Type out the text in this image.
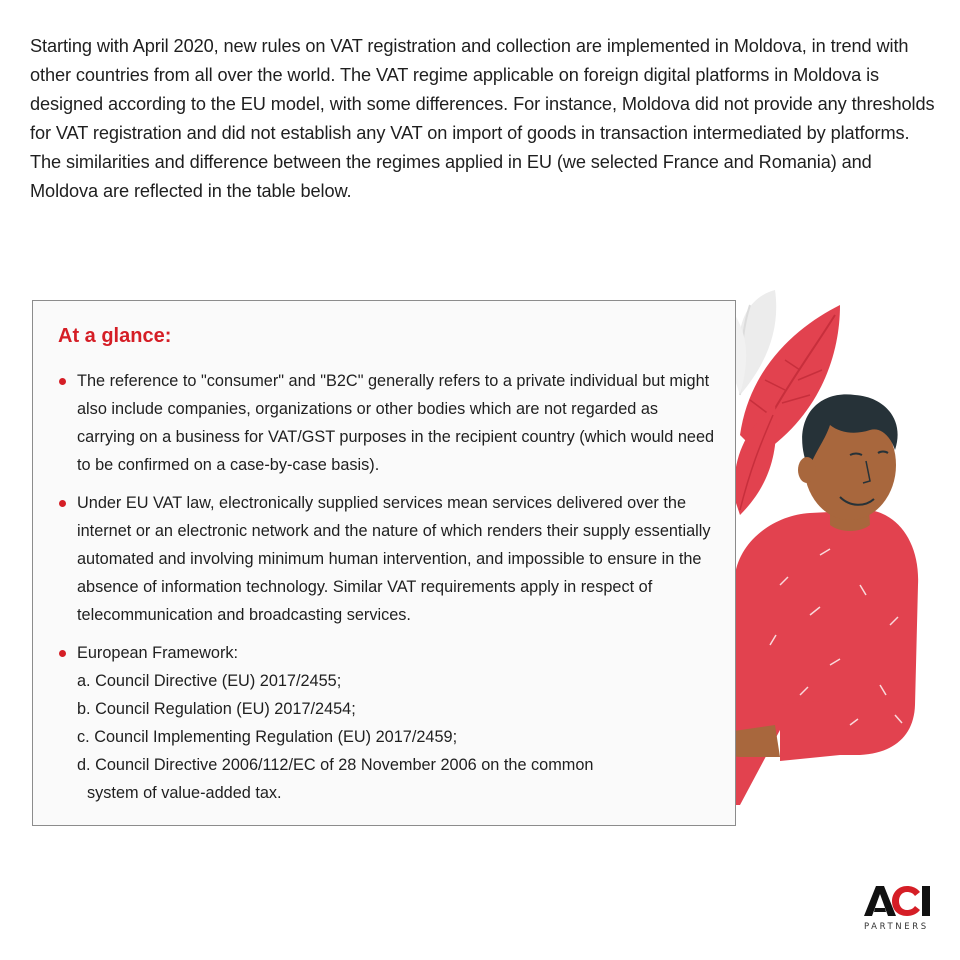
Starting with April 2020, new rules on VAT registration and collection are implemented in Moldova, in trend with other countries from all over the world. The VAT regime applicable on foreign digital platforms in Moldova is designed according to the EU model, with some differences. For instance, Moldova did not provide any thresholds for VAT registration and did not establish any VAT on import of goods in transaction intermediated by platforms. The similarities and difference between the regimes applied in EU (we selected France and Romania) and Moldova are reflected in the table below.

At a glance:
The reference to "consumer" and "B2C" generally refers to a private individual but might also include companies, organizations or other bodies which are not regarded as carrying on a business for VAT/GST purposes in the recipient country (which would need to be confirmed on a case-by-case basis).
Under EU VAT law, electronically supplied services mean services delivered over the internet or an electronic network and the nature of which renders their supply essentially automated and involving minimum human intervention, and impossible to ensure in the absence of information technology. Similar VAT requirements apply in respect of telecommunication and broadcasting services.
European Framework:
a. Council Directive (EU) 2017/2455;
b. Council Regulation (EU) 2017/2454;
c. Council Implementing Regulation (EU) 2017/2459;
d. Council Directive 2006/112/EC of 28 November 2006 on the common
system of value-added tax.
PARTNERS
